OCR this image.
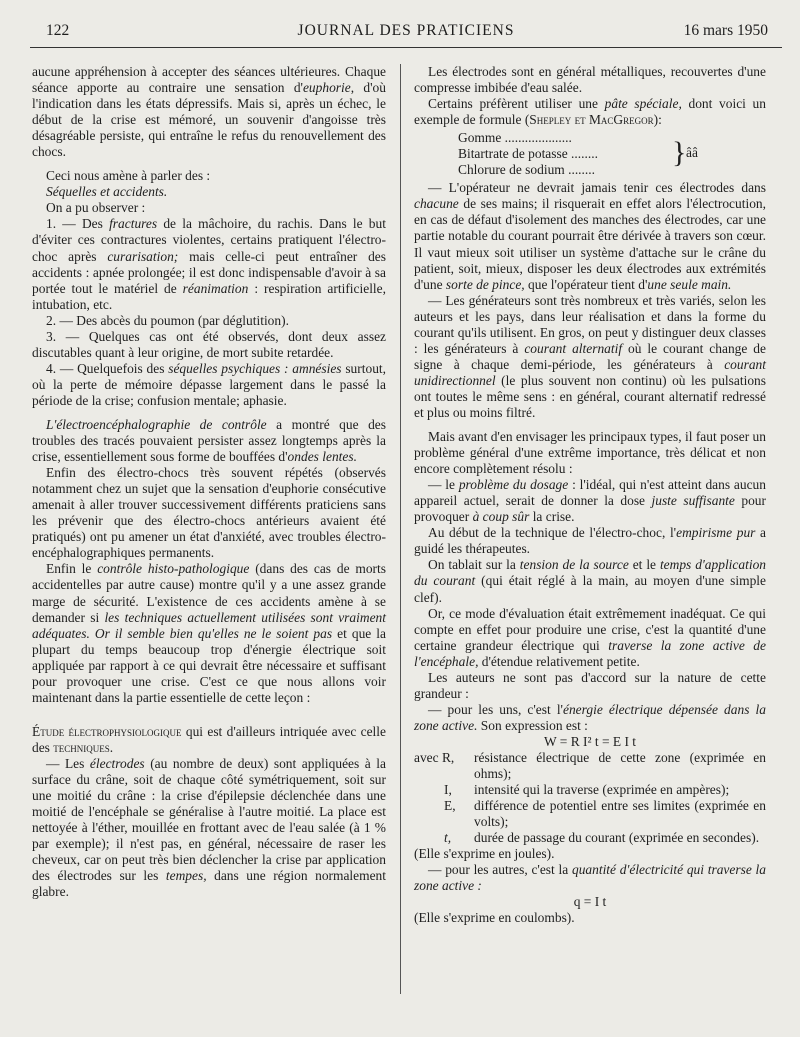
122	JOURNAL DES PRATICIENS	16 mars 1950

aucune appréhension à accepter des séances ultérieures. Chaque séance apporte au contraire une sensation d'euphorie, d'où l'indication dans les états dépressifs. Mais si, après un échec, le début de la crise est mémoré, un souvenir d'angoisse très désagréable persiste, qui entraîne le refus du renouvellement des chocs.

Ceci nous amène à parler des :

Séquelles et accidents.

On a pu observer :

1. — Des fractures de la mâchoire, du rachis. Dans le but d'éviter ces contractures violentes, certains pratiquent l'électro-choc après curarisation; mais celle-ci peut entraîner des accidents : apnée prolongée; il est donc indispensable d'avoir à sa portée tout le matériel de réanimation : respiration artificielle, intubation, etc.

2. — Des abcès du poumon (par déglutition).

3. — Quelques cas ont été observés, dont deux assez discutables quant à leur origine, de mort subite retardée.

4. — Quelquefois des séquelles psychiques : amnésies surtout, où la perte de mémoire dépasse largement dans le passé la période de la crise; confusion mentale; aphasie.

L'électroencéphalographie de contrôle a montré que des troubles des tracés pouvaient persister assez longtemps après la crise, essentiellement sous forme de bouffées d'ondes lentes.

Enfin des électro-chocs très souvent répétés (observés notamment chez un sujet que la sensation d'euphorie consécutive amenait à aller trouver successivement différents praticiens sans les prévenir que des électro-chocs antérieurs avaient été pratiqués) ont pu amener un état d'anxiété, avec troubles électro-encéphalographiques permanents.

Enfin le contrôle histo-pathologique (dans des cas de morts accidentelles par autre cause) montre qu'il y a une assez grande marge de sécurité. L'existence de ces accidents amène à se demander si les techniques actuellement utilisées sont vraiment adéquates. Or il semble bien qu'elles ne le soient pas et que la plupart du temps beaucoup trop d'énergie électrique soit appliquée par rapport à ce qui devrait être nécessaire et suffisant pour provoquer une crise. C'est ce que nous allons voir maintenant dans la partie essentielle de cette leçon :

Étude électrophysiologique qui est d'ailleurs intriquée avec celle des techniques.

— Les électrodes (au nombre de deux) sont appliquées à la surface du crâne, soit de chaque côté symétriquement, soit sur une moitié du crâne : la crise d'épilepsie déclenchée dans une moitié de l'encéphale se généralise à l'autre moitié. La place est nettoyée à l'éther, mouillée en frottant avec de l'eau salée (à 1 % par exemple); il n'est pas, en général, nécessaire de raser les cheveux, car on peut très bien déclencher la crise par application des électrodes sur les tempes, dans une région normalement glabre.

Les électrodes sont en général métalliques, recouvertes d'une compresse imbibée d'eau salée.

Certains préfèrent utiliser une pâte spéciale, dont voici un exemple de formule (Shepley et MacGregor):

Gomme ....................
Bitartrate de potasse ........
Chlorure de sodium ........
} ââ

— L'opérateur ne devrait jamais tenir ces électrodes dans chacune de ses mains; il risquerait en effet alors l'électrocution, en cas de défaut d'isolement des manches des électrodes, car une partie notable du courant pourrait être dérivée à travers son cœur. Il vaut mieux soit utiliser un système d'attache sur le crâne du patient, soit, mieux, disposer les deux électrodes aux extrémités d'une sorte de pince, que l'opérateur tient d'une seule main.

— Les générateurs sont très nombreux et très variés, selon les auteurs et les pays, dans leur réalisation et dans la forme du courant qu'ils utilisent. En gros, on peut y distinguer deux classes : les générateurs à courant alternatif où le courant change de signe à chaque demi-période, les générateurs à courant unidirectionnel (le plus souvent non continu) où les pulsations ont toutes le même sens : en général, courant alternatif redressé et plus ou moins filtré.

Mais avant d'en envisager les principaux types, il faut poser un problème général d'une extrême importance, très délicat et non encore complètement résolu :

— le problème du dosage : l'idéal, qui n'est atteint dans aucun appareil actuel, serait de donner la dose juste suffisante pour provoquer à coup sûr la crise.

Au début de la technique de l'électro-choc, l'empirisme pur a guidé les thérapeutes.

On tablait sur la tension de la source et le temps d'application du courant (qui était réglé à la main, au moyen d'une simple clef).

Or, ce mode d'évaluation était extrêmement inadéquat. Ce qui compte en effet pour produire une crise, c'est la quantité d'une certaine grandeur électrique qui traverse la zone active de l'encéphale, d'étendue relativement petite.

Les auteurs ne sont pas d'accord sur la nature de cette grandeur :

— pour les uns, c'est l'énergie électrique dépensée dans la zone active. Son expression est :

W = R I² t = E I t

avec R, résistance électrique de cette zone (exprimée en ohms);
I, intensité qui la traverse (exprimée en ampères);
E, différence de potentiel entre ses limites (exprimée en volts);
t, durée de passage du courant (exprimée en secondes).

(Elle s'exprime en joules).

— pour les autres, c'est la quantité d'électricité qui traverse la zone active :

q = I t

(Elle s'exprime en coulombs).
